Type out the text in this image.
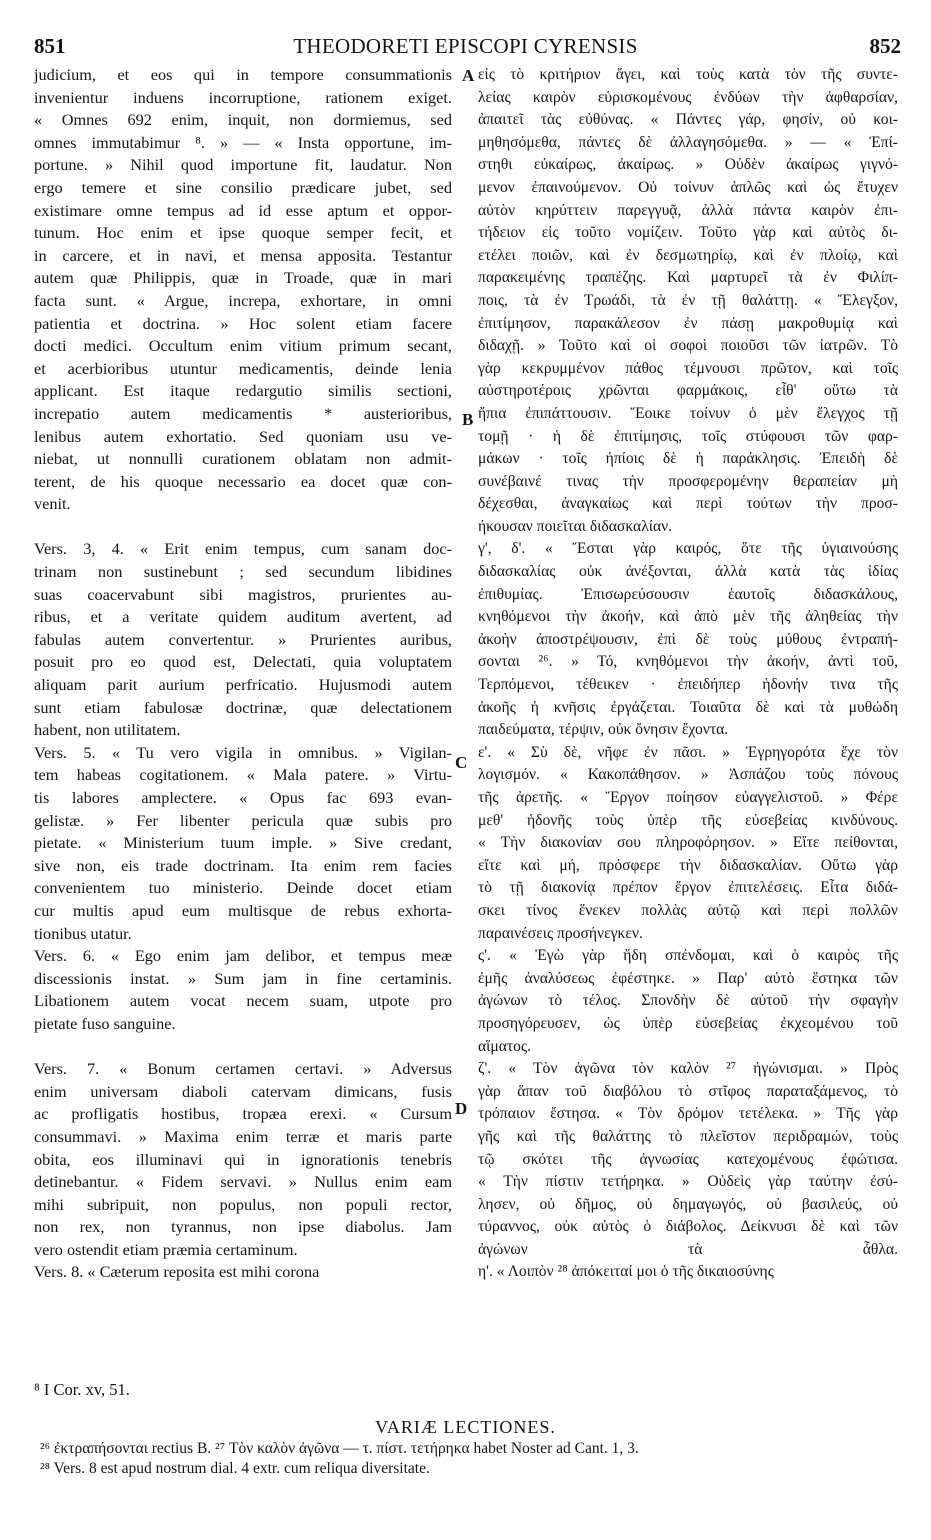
851	THEODORETI EPISCOPI CYRENSIS	852
judicium, et eos qui in tempore consummationis
invenientur induens incorruptione, rationem exiget.
« Omnes 692 enim, inquit, non dormiemus, sed
omnes immutabimur ⁸. » — « Insta opportune, im-
portune. » Nihil quod importune fit, laudatur. Non
ergo temere et sine consilio prædicare jubet, sed
existimare omne tempus ad id esse aptum et oppor-
tunum. Hoc enim et ipse quoque semper fecit, et
in carcere, et in navi, et mensa apposita. Testantur
autem quæ Philippis, quæ in Troade, quæ in mari
facta sunt. « Argue, increpa, exhortare, in omni
patientia et doctrina. » Hoc solent etiam facere
docti medici. Occultum enim vitium primum secant,
et acerbioribus utuntur medicamentis, deinde lenia
applicant. Est itaque redargutio similis sectioni,
increpatio autem medicamentis * austerioribus,
lenibus autem exhortatio. Sed quoniam usu ve-
niebat, ut nonnulli curationem oblatam non admit-
terent, de his quoque necessario ea docet quæ con-
venit.
Vers. 3, 4. « Erit enim tempus, cum sanam doc-
trinam non sustinebunt ; sed secundum libidines
suas coacervabunt sibi magistros, prurientes au-
ribus, et a veritate quidem auditum avertent, ad
fabulas autem convertentur. » Prurientes auribus,
posuit pro eo quod est, Delectati, quia voluptatem
aliquam parit aurium perfricatio. Hujusmodi autem
sunt etiam fabulosæ doctrinæ, quæ delectationem
habent, non utilitatem.
Vers. 5. « Tu vero vigila in omnibus. » Vigilan-
tem habeas cogitationem. « Mala patere. » Virtu-
tis labores amplectere. « Opus fac 693 evan-
gelistæ. » Fer libenter pericula quæ subis pro
pietate. « Ministerium tuum imple. » Sive credant,
sive non, eis trade doctrinam. Ita enim rem facies
convenientem tuo ministerio. Deinde docet etiam
cur multis apud eum multisque de rebus exhorta-
tionibus utatur.
Vers. 6. « Ego enim jam delibor, et tempus meæ
discessionis instat. » Sum jam in fine certaminis.
Libationem autem vocat necem suam, utpote pro
pietate fuso sanguine.
Vers. 7. « Bonum certamen certavi. » Adversus
enim universam diaboli catervam dimicans, fusis
ac profligatis hostibus, tropæa erexi. « Cursum
consummavi. » Maxima enim terræ et maris parte
obita, eos illuminavi qui in ignorationis tenebris
detinebantur. « Fidem servavi. » Nullus enim eam
mihi subripuit, non populus, non populi rector,
non rex, non tyrannus, non ipse diabolus. Jam
vero ostendit etiam præmia certaminum.
Vers. 8. « Cæterum reposita est mihi corona
εἰς τὸ κριτήριον ἄγει, καὶ τοὺς κατὰ τὸν τῆς συντε-
λείας καιρὸν εὑρισκομένους ἐνδύων τὴν ἀφθαρσίαν,
ἀπαιτεῖ τὰς εὐθύνας. « Πάντες γάρ, φησίν, οὐ κοι-
μηθησόμεθα, πάντες δὲ ἀλλαγησόμεθα. » — « Ἐπί-
στηθι εὐκαίρως, ἀκαίρως. » Οὐδὲν ἀκαίρως γιγνό-
μενον ἐπαινούμενον. Οὐ τοίνυν ἁπλῶς καὶ ὡς ἔτυχεν
αὐτὸν κηρύττειν παρεγγυᾷ, ἀλλὰ πάντα καιρὸν ἐπι-
τήδειον εἰς τοῦτο νομίζειν. Τοῦτο γὰρ καὶ αὐτὸς δι-
ετέλει ποιῶν, καὶ ἐν δεσμωτηρίῳ, καὶ ἐν πλοίῳ, καὶ
παρακειμένης τραπέζης. Καὶ μαρτυρεῖ τὰ ἐν Φιλίπ-
ποις, τὰ ἐν Τρωάδι, τὰ ἐν τῇ θαλάττῃ. « Ἔλεγξον,
ἐπιτίμησον, παρακάλεσον ἐν πάσῃ μακροθυμίᾳ καὶ
διδαχῇ. » Τοῦτο καὶ οἱ σοφοὶ ποιοῦσι τῶν ἰατρῶν. Τὸ
γὰρ κεκρυμμένον πάθος τέμνουσι πρῶτον, καὶ τοῖς
αὐστηροτέροις χρῶνται φαρμάκοις, εἶθ' οὕτω τὰ
ἤπια ἐπιπάττουσιν. Ἔοικε τοίνυν ὁ μὲν ἔλεγχος τῇ
τομῇ · ἡ δὲ ἐπιτίμησις, τοῖς στύφουσι τῶν φαρ-
μάκων · τοῖς ἠπίοις δὲ ἡ παράκλησις. Ἐπειδὴ δὲ
συνέβαινέ τινας τὴν προσφερομένην θεραπείαν μὴ
δέχεσθαι, ἀναγκαίως καὶ περὶ τούτων τὴν προσ-
ήκουσαν ποιεῖται διδασκαλίαν.
γ', δ'. « Ἔσται γὰρ καιρός, ὅτε τῆς ὑγιαινούσης
διδασκαλίας οὐκ ἀνέξονται, ἀλλὰ κατὰ τὰς ἰδίας
ἐπιθυμίας. Ἐπισωρεύσουσιν ἑαυτοῖς διδασκάλους,
κνηθόμενοι τὴν ἀκοήν, καὶ ἀπὸ μὲν τῆς ἀληθείας τὴν
ἀκοὴν ἀποστρέψουσιν, ἐπὶ δὲ τοὺς μύθους ἐντραπή-
σονται ²⁶. » Τό, κνηθόμενοι τὴν ἀκοήν, ἀντὶ τοῦ,
Τερπόμενοι, τέθεικεν · ἐπειδήπερ ἡδονήν τινα τῆς
ἀκοῆς ἡ κνῆσις ἐργάζεται. Τοιαῦτα δὲ καὶ τὰ μυθώδη
παιδεύματα, τέρψιν, οὐκ ὄνησιν ἔχοντα.
ε'. « Σὺ δὲ, νῆφε ἐν πᾶσι. » Ἐγρηγορότα ἔχε τὸν
λογισμόν. « Κακοπάθησον. » Ἀσπάζου τοὺς πόνους
τῆς ἀρετῆς. « Ἔργον ποίησον εὐαγγελιστοῦ. » Φέρε
μεθ' ἡδονῆς τοὺς ὑπὲρ τῆς εὐσεβείας κινδύνους.
« Τὴν διακονίαν σου πληροφόρησον. » Εἴτε πείθονται,
εἴτε καὶ μή, πρόσφερε τὴν διδασκαλίαν. Οὕτω γὰρ
τὸ τῇ διακονίᾳ πρέπον ἔργον ἐπιτελέσεις. Εἶτα διδά-
σκει τίνος ἕνεκεν πολλὰς αὐτῷ καὶ περὶ πολλῶν
παραινέσεις προσήνεγκεν.
ς'. « Ἐγὼ γὰρ ἤδη σπένδομαι, καὶ ὁ καιρὸς τῆς
ἐμῆς ἀναλύσεως ἐφέστηκε. » Παρ' αὐτὸ ἕστηκα τῶν
ἀγώνων τὸ τέλος. Σπονδὴν δὲ αὐτοῦ τὴν σφαγὴν
προσηγόρευσεν, ὡς ὑπὲρ εὐσεβείας ἐκχεομένου τοῦ
αἵματος.
ζ'. « Τὸν ἀγῶνα τὸν καλὸν ²⁷ ἠγώνισμαι. » Πρὸς
γὰρ ἅπαν τοῦ διαβόλου τὸ στῖφος παραταξάμενος, τὸ
τρόπαιον ἔστησα. « Τὸν δρόμον τετέλεκα. » Τῆς γὰρ
γῆς καὶ τῆς θαλάττης τὸ πλεῖστον περιδραμών, τοὺς
τῷ σκότει τῆς ἀγνωσίας κατεχομένους ἐφώτισα.
« Τὴν πίστιν τετήρηκα. » Οὐδεὶς γὰρ ταύτην ἐσύ-
λησεν, οὐ δῆμος, οὐ δημαγωγός, οὐ βασιλεύς, οὐ
τύραννος, οὐκ αὐτὸς ὁ διάβολος. Δείκνυσι δὲ καὶ τῶν
ἀγώνων τὰ ἆθλα.
η'. « Λοιπὸν ²⁸ ἀπόκειταί μοι ὁ τῆς δικαιοσύνης
A
B
C
D
⁸ I Cor. xv, 51.
VARIÆ LECTIONES.
²⁶ ἐκτραπήσονται rectius B. ²⁷ Τὸν καλὸν ἀγῶνα — τ. πίστ. τετήρηκα habet Noster ad Cant. 1, 3.
²⁸ Vers. 8 est apud nostrum dial. 4 extr. cum reliqua diversitate.
